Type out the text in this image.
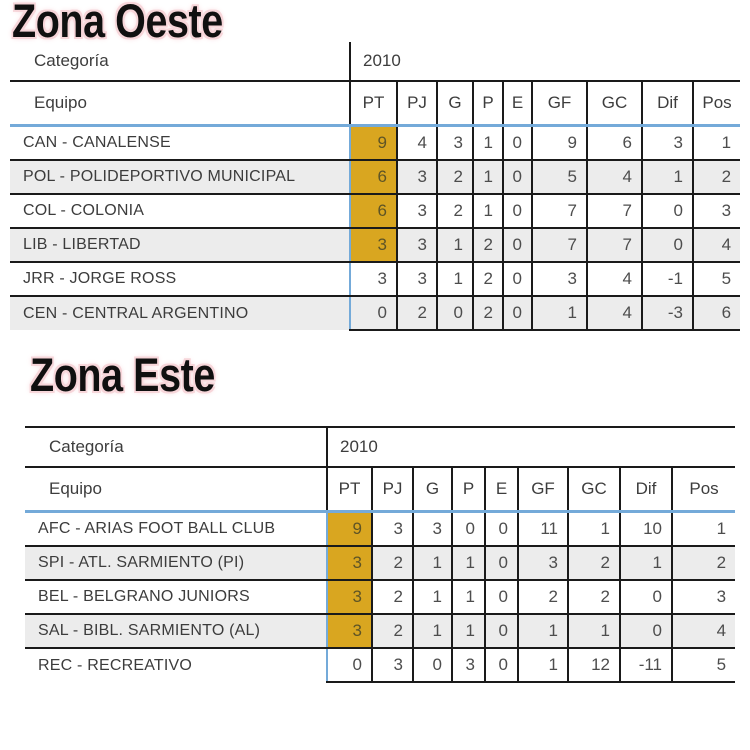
Zona Oeste
Categoría	2010								
Equipo	PT	PJ	G	P	E	GF	GC	Dif	Pos
CAN - CANALENSE	9	4	3	1	0	9	6	3	1
POL - POLIDEPORTIVO MUNICIPAL	6	3	2	1	0	5	4	1	2
COL - COLONIA	6	3	2	1	0	7	7	0	3
LIB - LIBERTAD	3	3	1	2	0	7	7	0	4
JRR - JORGE ROSS	3	3	1	2	0	3	4	-1	5
CEN - CENTRAL ARGENTINO	0	2	0	2	0	1	4	-3	6
Zona Este
Categoría	2010								
Equipo	PT	PJ	G	P	E	GF	GC	Dif	Pos
AFC - ARIAS FOOT BALL CLUB	9	3	3	0	0	11	1	10	1
SPI - ATL. SARMIENTO (PI)	3	2	1	1	0	3	2	1	2
BEL - BELGRANO JUNIORS	3	2	1	1	0	2	2	0	3
SAL - BIBL. SARMIENTO (AL)	3	2	1	1	0	1	1	0	4
REC - RECREATIVO	0	3	0	3	0	1	12	-11	5
